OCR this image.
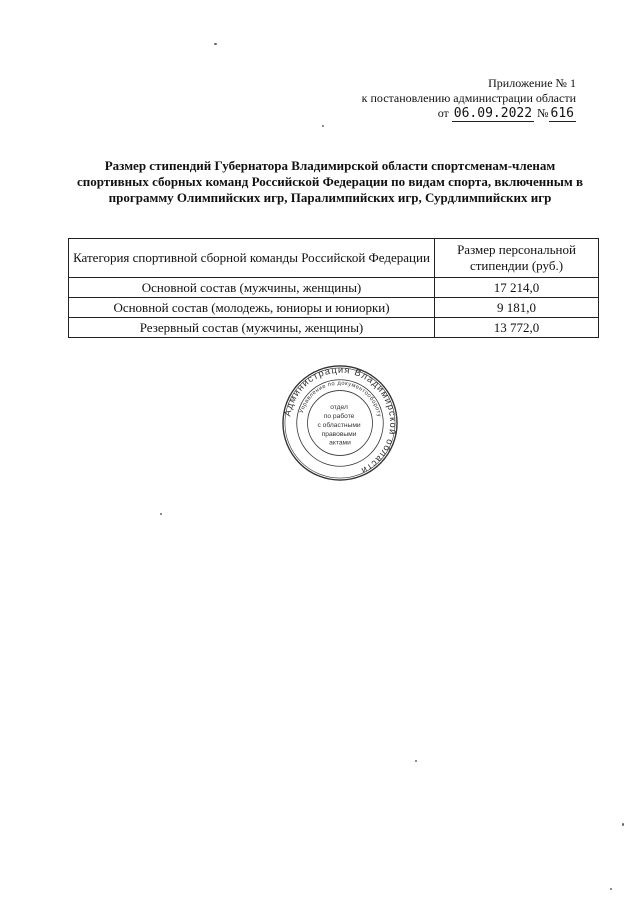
Приложение № 1
к постановлению администрации области
от 06.09.2022 № 616
Размер стипендий Губернатора Владимирской области спортсменам-членам спортивных сборных команд Российской Федерации по видам спорта, включенным в программу Олимпийских игр, Паралимпийских игр, Сурдлимпийских игр
Категория спортивной сборной команды Российской Федерации	Размер персональной стипендии (руб.)
Основной состав (мужчины, женщины)	17 214,0
Основной состав (молодежь, юниоры и юниорки)	9 181,0
Резервный состав (мужчины, женщины)	13 772,0
Администрация Владимирской области
Управление по документообороту
отдел по работе с областными правовыми актами
